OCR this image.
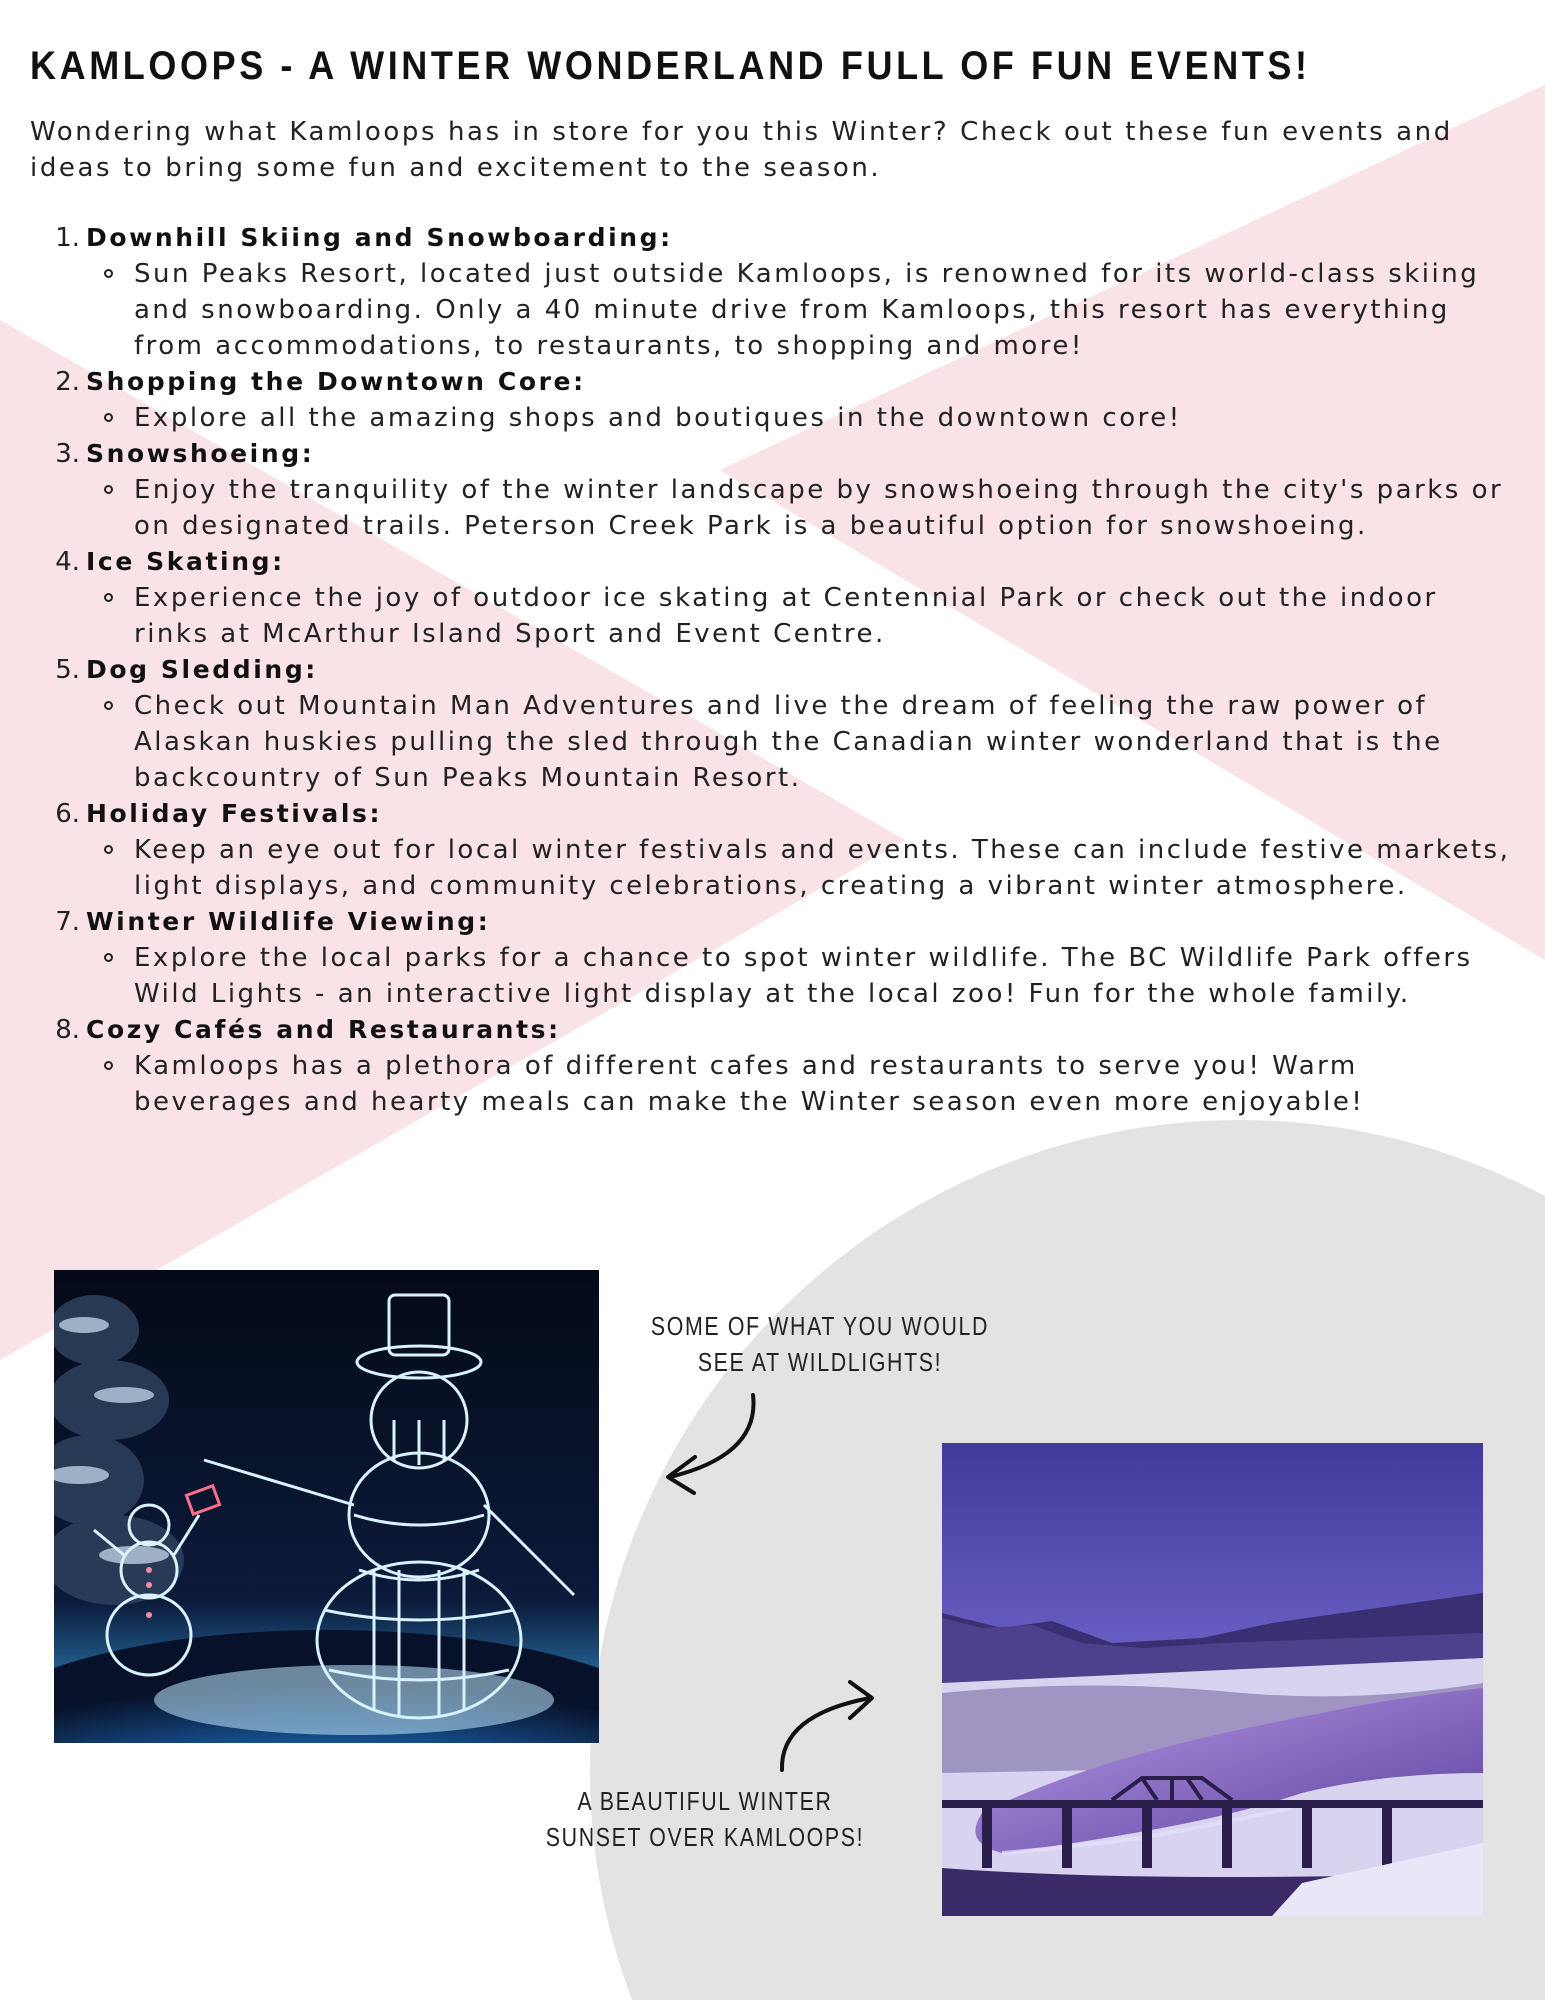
KAMLOOPS - A WINTER WONDERLAND FULL OF FUN EVENTS!

Wondering what Kamloops has in store for you this Winter? Check out these fun events and ideas to bring some fun and excitement to the season.

1. Downhill Skiing and Snowboarding:
Sun Peaks Resort, located just outside Kamloops, is renowned for its world-class skiing and snowboarding. Only a 40 minute drive from Kamloops, this resort has everything from accommodations, to restaurants, to shopping and more!
2. Shopping the Downtown Core:
Explore all the amazing shops and boutiques in the downtown core!
3. Snowshoeing:
Enjoy the tranquility of the winter landscape by snowshoeing through the city's parks or on designated trails. Peterson Creek Park is a beautiful option for snowshoeing.
4. Ice Skating:
Experience the joy of outdoor ice skating at Centennial Park or check out the indoor rinks at McArthur Island Sport and Event Centre.
5. Dog Sledding:
Check out Mountain Man Adventures and live the dream of feeling the raw power of Alaskan huskies pulling the sled through the Canadian winter wonderland that is the backcountry of Sun Peaks Mountain Resort.
6. Holiday Festivals:
Keep an eye out for local winter festivals and events. These can include festive markets, light displays, and community celebrations, creating a vibrant winter atmosphere.
7. Winter Wildlife Viewing:
Explore the local parks for a chance to spot winter wildlife. The BC Wildlife Park offers Wild Lights - an interactive light display at the local zoo! Fun for the whole family.
8. Cozy Cafés and Restaurants:
Kamloops has a plethora of different cafes and restaurants to serve you! Warm beverages and hearty meals can make the Winter season even more enjoyable!
SOME OF WHAT YOU WOULD
SEE AT WILDLIGHTS!
A BEAUTIFUL WINTER
SUNSET OVER KAMLOOPS!
